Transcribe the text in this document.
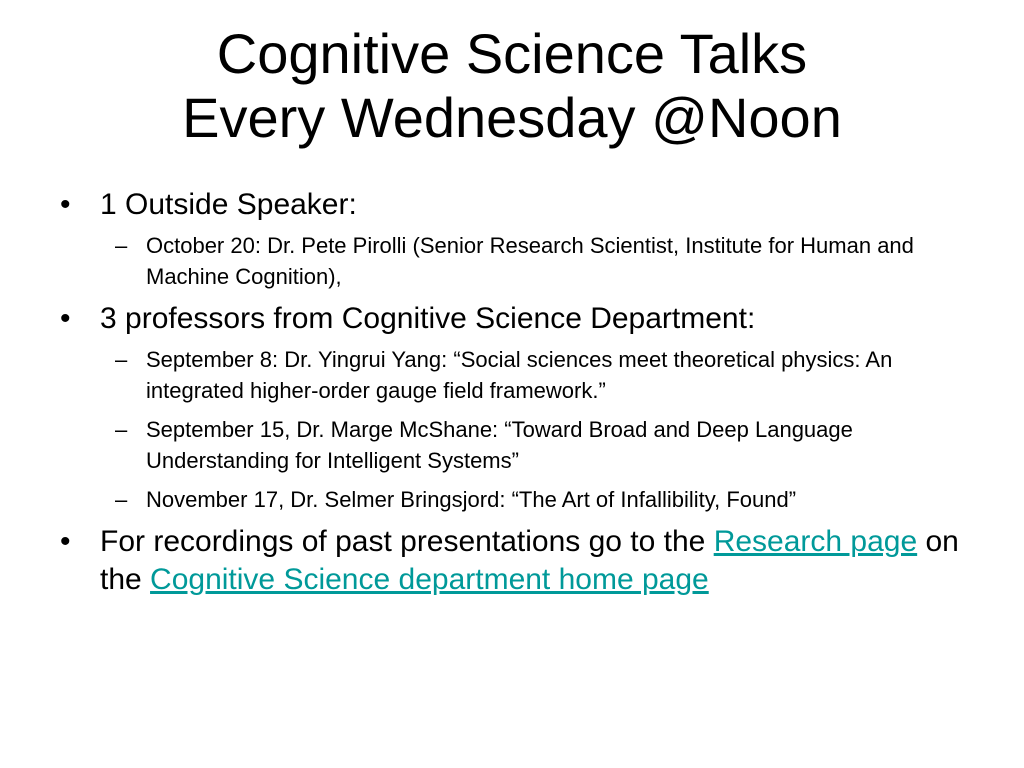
Cognitive Science Talks
Every Wednesday @Noon
• 1 Outside Speaker:
– October 20: Dr. Pete Pirolli (Senior Research Scientist, Institute for Human and Machine Cognition),
• 3 professors from Cognitive Science Department:
– September 8: Dr. Yingrui Yang: “Social sciences meet theoretical physics: An integrated higher-order gauge field framework.”
– September 15, Dr. Marge McShane: “Toward Broad and Deep Language Understanding for Intelligent Systems”
– November 17, Dr. Selmer Bringsjord: “The Art of Infallibility, Found”
• For recordings of past presentations go to the Research page on the Cognitive Science department home page
